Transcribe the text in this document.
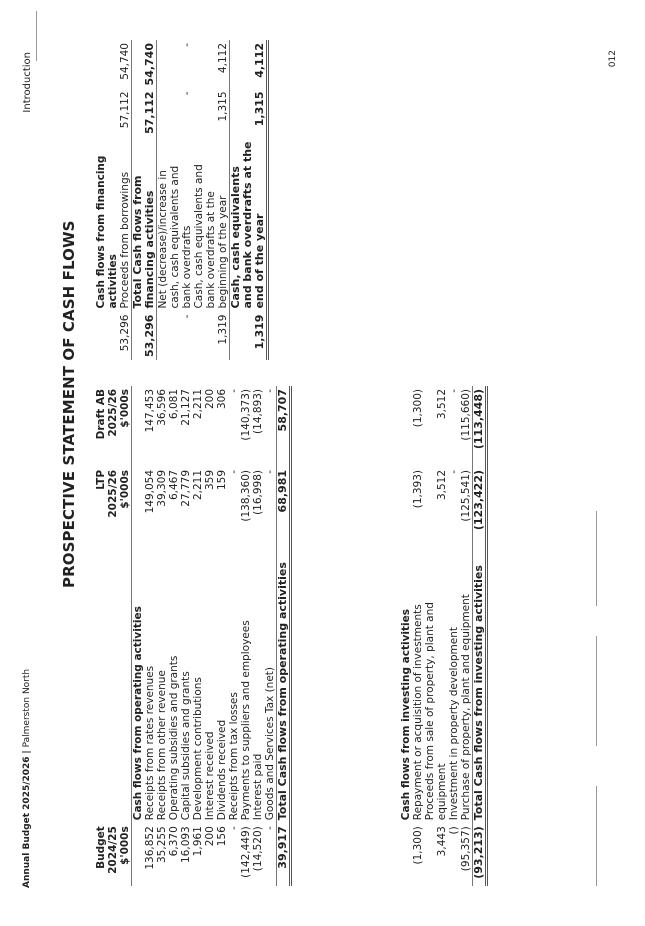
Annual Budget 2025/2026 | Palmerston North
Introduction	012
PROSPECTIVE STATEMENT OF CASH FLOWS
Budget		LTP	Draft AB
2024/25		2025/26	2025/26
$'000s		$'000s	$'000s
	Cash flows from operating activities		
136,852	Receipts from rates revenues	149,054	147,453
35,255	Receipts from other revenue	39,309	36,596
6,370	Operating subsidies and grants	6,467	6,081
16,093	Capital subsidies and grants	27,779	21,127
1,961	Development contributions	2,211	2,211
200	Interest received	359	200
156	Dividends received	159	306
-	Receipts from tax losses	-	-
(142,449)	Payments to suppliers and employees	(138,360)	(140,373)
(14,520)	Interest paid	(16,998)	(14,893)
-	Goods and Services Tax (net)	-	-
39,917	Total Cash flows from operating activities	68,981	58,707
	Cash flows from investing activities		
(1,300)	Repayment or acquisition of investments	(1,393)	(1,300)
3,443	Proceeds from sale of property, plant and equipment	3,512	3,512
()	Investment in property development	-	-
(95,357)	Purchase of property, plant and equipment	(125,541)	(115,660)
(93,213)	Total Cash flows from investing activities	(123,422)	(113,448)
	Cash flows from financing activities		
53,296	Proceeds from borrowings	57,112	54,740
53,296	Total Cash flows from financing activities	57,112	54,740
-	Net (decrease)/increase in cash, cash equivalents and bank overdrafts	-	-
1,319	Cash, cash equivalents and bank overdrafts at the beginning of the year	1,315	4,112
1,319	Cash, cash equivalents and bank overdrafts at the end of the year	1,315	4,112
